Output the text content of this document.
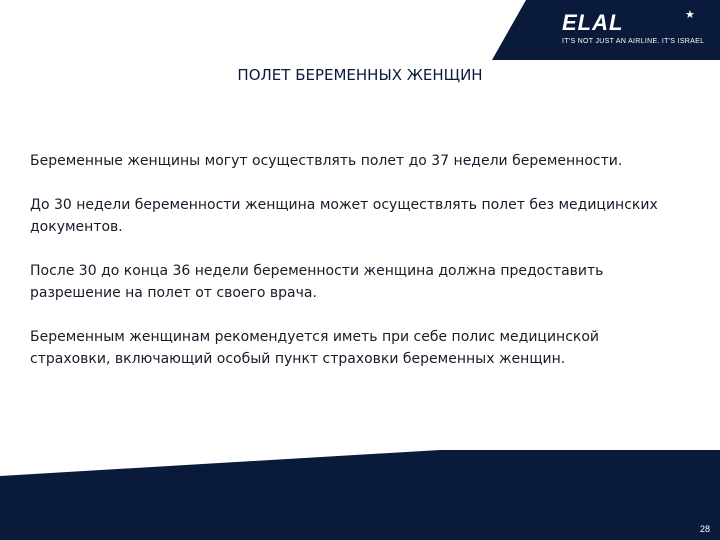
ELAL	★
IT'S NOT JUST AN AIRLINE. IT'S ISRAEL
ПОЛЕТ БЕРЕМЕННЫХ ЖЕНЩИН
Беременные женщины могут осуществлять полет до 37 недели беременности.
До 30 недели беременности женщина может осуществлять полет без медицинских документов.
После 30 до конца 36 недели беременности женщина должна предоставить разрешение на полет от своего врача.
Беременным женщинам рекомендуется иметь при себе полис медицинской страховки, включающий особый пункт страховки беременных женщин.
28
